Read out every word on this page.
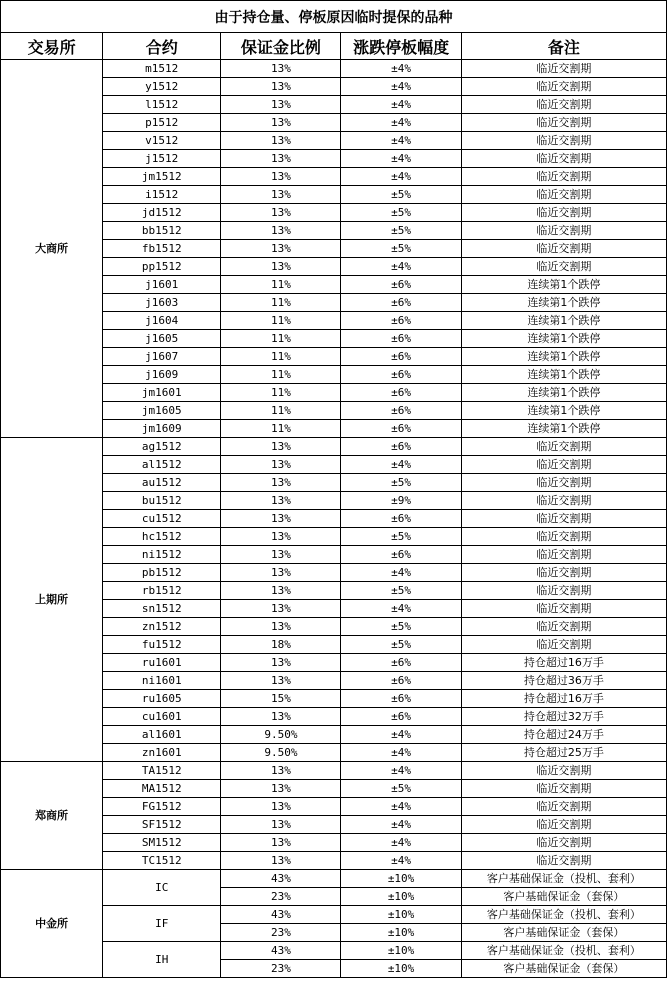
由于持仓量、停板原因临时提保的品种				
交易所	合约	保证金比例	涨跌停板幅度	备注
大商所	m1512	13%	±4%	临近交割期
	y1512	13%	±4%	临近交割期
	l1512	13%	±4%	临近交割期
	p1512	13%	±4%	临近交割期
	v1512	13%	±4%	临近交割期
	j1512	13%	±4%	临近交割期
	jm1512	13%	±4%	临近交割期
	i1512	13%	±5%	临近交割期
	jd1512	13%	±5%	临近交割期
	bb1512	13%	±5%	临近交割期
	fb1512	13%	±5%	临近交割期
	pp1512	13%	±4%	临近交割期
	j1601	11%	±6%	连续第1个跌停
	j1603	11%	±6%	连续第1个跌停
	j1604	11%	±6%	连续第1个跌停
	j1605	11%	±6%	连续第1个跌停
	j1607	11%	±6%	连续第1个跌停
	j1609	11%	±6%	连续第1个跌停
	jm1601	11%	±6%	连续第1个跌停
	jm1605	11%	±6%	连续第1个跌停
	jm1609	11%	±6%	连续第1个跌停
上期所	ag1512	13%	±6%	临近交割期
	al1512	13%	±4%	临近交割期
	au1512	13%	±5%	临近交割期
	bu1512	13%	±9%	临近交割期
	cu1512	13%	±6%	临近交割期
	hc1512	13%	±5%	临近交割期
	ni1512	13%	±6%	临近交割期
	pb1512	13%	±4%	临近交割期
	rb1512	13%	±5%	临近交割期
	sn1512	13%	±4%	临近交割期
	zn1512	13%	±5%	临近交割期
	fu1512	18%	±5%	临近交割期
	ru1601	13%	±6%	持仓超过16万手
	ni1601	13%	±6%	持仓超过36万手
	ru1605	15%	±6%	持仓超过16万手
	cu1601	13%	±6%	持仓超过32万手
	al1601	9.50%	±4%	持仓超过24万手
	zn1601	9.50%	±4%	持仓超过25万手
郑商所	TA1512	13%	±4%	临近交割期
	MA1512	13%	±5%	临近交割期
	FG1512	13%	±4%	临近交割期
	SF1512	13%	±4%	临近交割期
	SM1512	13%	±4%	临近交割期
	TC1512	13%	±4%	临近交割期
中金所	IC	43%	±10%	客户基础保证金（投机、套利）
		23%	±10%	客户基础保证金（套保）
	IF	43%	±10%	客户基础保证金（投机、套利）
		23%	±10%	客户基础保证金（套保）
	IH	43%	±10%	客户基础保证金（投机、套利）
		23%	±10%	客户基础保证金（套保）
